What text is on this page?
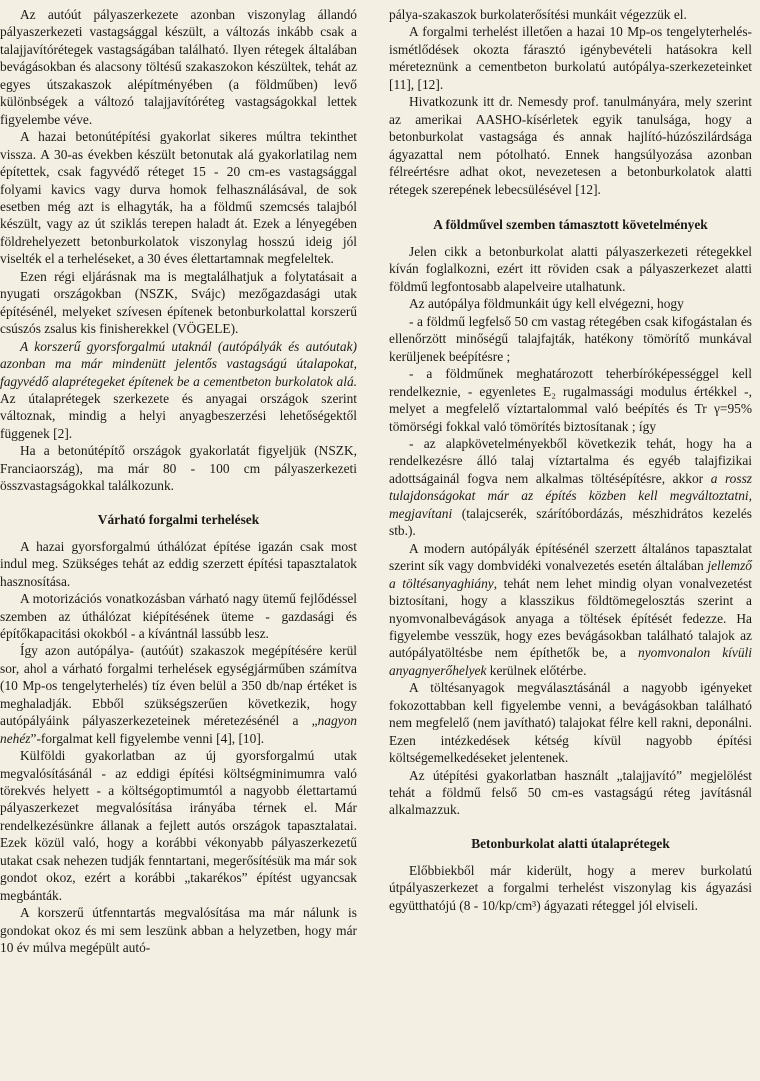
Az autóút pályaszerkezete azonban viszonylag állandó pályaszerkezeti vastagsággal készült, a változás inkább csak a talajjavítórétegek vastagságában található. Ilyen rétegek általában bevágásokban és alacsony töltésű szakaszokon készültek, tehát az egyes útszakaszok alépítményében (a földműben) levő különbségek a változó talajjavítóréteg vastagságokkal lettek figyelembe véve.

A hazai betonútépítési gyakorlat sikeres múltra tekinthet vissza. A 30-as években készült betonutak alá gyakorlatilag nem építettek, csak fagyvédő réteget 15 - 20 cm-es vastagsággal folyami kavics vagy durva homok felhasználásával, de sok esetben még azt is elhagyták, ha a földmű szemcsés talajból készült, vagy az út sziklás terepen haladt át. Ezek a lényegében földrehelyezett betonburkolatok viszonylag hosszú ideig jól viselték el a terheléseket, a 30 éves élettartamnak megfeleltek.

Ezen régi eljárásnak ma is megtalálhatjuk a folytatásait a nyugati országokban (NSZK, Svájc) mezőgazdasági utak építésénél, melyeket szívesen építenek betonburkolattal korszerű csúszós zsalus kis finisherekkel (VÖGELE).

A korszerű gyorsforgalmú utaknál (autópályák és autóutak) azonban ma már mindenütt jelentős vastagságú útalapokat, fagyvédő alaprétegeket építenek be a cementbeton burkolatok alá. Az útalaprétegek szerkezete és anyagai országok szerint változnak, mindig a helyi anyagbeszerzési lehetőségektől függenek [2].

Ha a betonútépítő országok gyakorlatát figyeljük (NSZK, Franciaország), ma már 80 - 100 cm pályaszerkezeti összvastagságokkal találkozunk.

Várható forgalmi terhelések

A hazai gyorsforgalmú úthálózat építése igazán csak most indul meg. Szükséges tehát az eddig szerzett építési tapasztalatok hasznosítása.

A motorizációs vonatkozásban várható nagy ütemű fejlődéssel szemben az úthálózat kiépítésének üteme - gazdasági és építőkapacitási okokból - a kívántnál lassúbb lesz.

Így azon autópálya- (autóút) szakaszok megépítésére kerül sor, ahol a várható forgalmi terhelések egységjárműben számítva (10 Mp-os tengelyterhelés) tíz éven belül a 350 db/nap értéket is meghaladják. Ebből szükségszerűen következik, hogy autópályáink pályaszerkezeteinek méretezésénél a „nagyon nehéz”-forgalmat kell figyelembe venni [4], [10].

Külföldi gyakorlatban az új gyorsforgalmú utak megvalósításánál - az eddigi építési költségminimumra való törekvés helyett - a költségoptimumtól a nagyobb élettartamú pályaszerkezet megvalósítása irányába térnek el. Már rendelkezésünkre állanak a fejlett autós országok tapasztalatai. Ezek közül való, hogy a korábbi vékonyabb pályaszerkezetű utakat csak nehezen tudják fenntartani, megerősítésük ma már sok gondot okoz, ezért a korábbi „takarékos” építést ugyancsak megbánták.

A korszerű útfenntartás megvalósítása ma már nálunk is gondokat okoz és mi sem leszünk abban a helyzetben, hogy már 10 év múlva megépült autó-

pálya-szakaszok burkolaterősítési munkáit végezzük el.

A forgalmi terhelést illetően a hazai 10 Mp-os tengelyterhelés-ismétlődések okozta fárasztó igénybevételi hatásokra kell méreteznünk a cementbeton burkolatú autópálya-szerkezeteinket [11], [12].

Hivatkozunk itt dr. Nemesdy prof. tanulmányára, mely szerint az amerikai AASHO-kísérletek egyik tanulsága, hogy a betonburkolat vastagsága és annak hajlító-húzószilárdsága ágyazattal nem pótolható. Ennek hangsúlyozása azonban félreértésre adhat okot, nevezetesen a betonburkolatok alatti rétegek szerepének lebecsülésével [12].

A földművel szemben támasztott követelmények

Jelen cikk a betonburkolat alatti pályaszerkezeti rétegekkel kíván foglalkozni, ezért itt röviden csak a pályaszerkezet alatti földmű legfontosabb alapelveire utalhatunk.

Az autópálya földmunkáit úgy kell elvégezni, hogy

- a földmű legfelső 50 cm vastag rétegében csak kifogástalan és ellenőrzött minőségű talajfajták, hatékony tömörítő munkával kerüljenek beépítésre ;

- a földműnek meghatározott teherbíróképességgel kell rendelkeznie, - egyenletes E₂ rugalmassági modulus értékkel -, melyet a megfelelő víztartalommal való beépítés és Tr γ=95% tömörségi fokkal való tömörítés biztosítanak ; így

- az alapkövetelményekből következik tehát, hogy ha a rendelkezésre álló talaj víztartalma és egyéb talajfizikai adottságainál fogva nem alkalmas töltésépítésre, akkor a rossz tulajdonságokat már az építés közben kell megváltoztatni, megjavítani (talajcserék, szárítóbordázás, mészhidrátos kezelés stb.).

A modern autópályák építésénél szerzett általános tapasztalat szerint sík vagy dombvidéki vonalvezetés esetén általában jellemző a töltésanyaghiány, tehát nem lehet mindig olyan vonalvezetést biztosítani, hogy a klasszikus földtömegelosztás szerint a nyomvonalbevágások anyaga a töltések építését fedezze. Ha figyelembe vesszük, hogy ezes bevágásokban található talajok az autópályatöltésbe nem építhetők be, a nyomvonalon kívüli anyagnyerőhelyek kerülnek előtérbe.

A töltésanyagok megválasztásánál a nagyobb igényeket fokozottabban kell figyelembe venni, a bevágásokban található nem megfelelő (nem javítható) talajokat félre kell rakni, deponálni. Ezen intézkedések kétség kívül nagyobb építési költségemelkedéseket jelentenek.

Az útépítési gyakorlatban használt „talajjavító” megjelölést tehát a földmű felső 50 cm-es vastagságú réteg javításnál alkalmazzuk.

Betonburkolat alatti útalaprétegek

Előbbiekből már kiderült, hogy a merev burkolatú útpályaszerkezet a forgalmi terhelést viszonylag kis ágyazási együtthatójú (8 - 10/kp/cm³) ágyazati réteggel jól elviseli.
